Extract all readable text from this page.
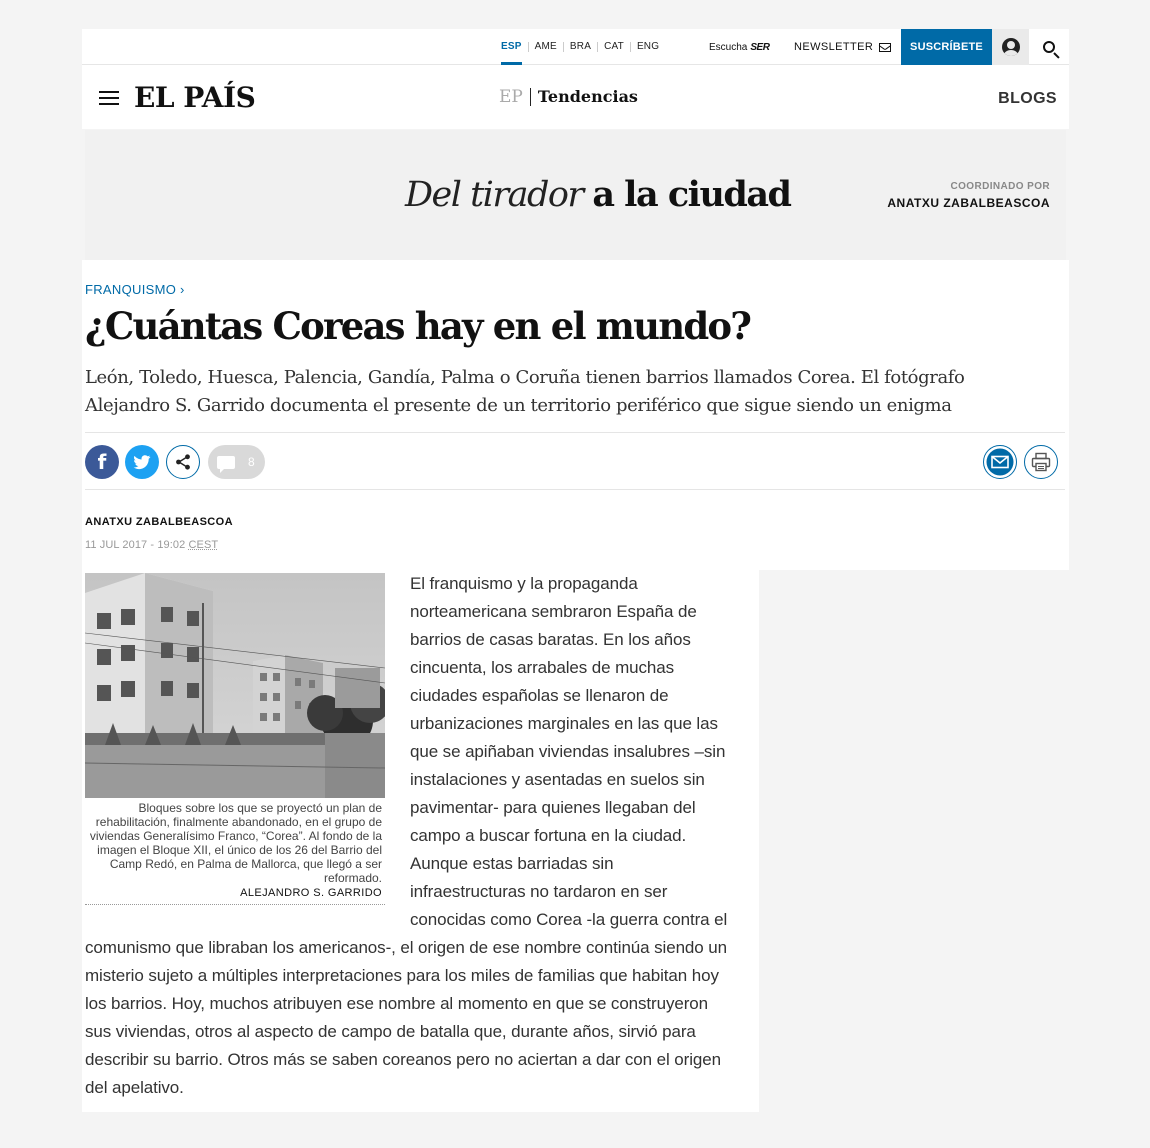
ESP	AME	BRA	CAT	ENG	Escucha SER NEWSLETTER	SUSCRÍBETE
EL PAÍS	EP Tendencias	BLOGS
Del tirador a la ciudad	COORDINADO POR
ANATXU ZABALBEASCOA
FRANQUISMO ›
¿Cuántas Coreas hay en el mundo?

León, Toledo, Huesca, Palencia, Gandía, Palma o Coruña tienen barrios llamados Corea. El fotógrafo Alejandro S. Garrido documenta el presente de un territorio periférico que sigue siendo un enigma

f	8
ANATXU ZABALBEASCOA
11 JUL 2017 - 19:02 CEST
El franquismo y la propaganda norteamericana sembraron España de barrios de casas baratas. En los años cincuenta, los arrabales de muchas ciudades españolas se llenaron de urbanizaciones marginales en las que las que se apiñaban viviendas insalubres –sin instalaciones y asentadas en suelos sin pavimentar- para quienes llegaban del campo a buscar fortuna en la ciudad. Aunque estas barriadas sin infraestructuras no tardaron en ser conocidas como Corea -la guerra contra el comunismo que libraban los americanos-, el origen de ese nombre continúa siendo un misterio sujeto a múltiples interpretaciones para los miles de familias que habitan hoy los barrios. Hoy, muchos atribuyen ese nombre al momento en que se construyeron sus viviendas, otros al aspecto de campo de batalla que, durante años, sirvió para describir su barrio. Otros más se saben coreanos pero no aciertan a dar con el origen del apelativo.
Bloques sobre los que se proyectó un plan de rehabilitación, finalmente abandonado, en el grupo de viviendas Generalísimo Franco, “Corea”. Al fondo de la imagen el Bloque XII, el único de los 26 del Barrio del Camp Redó, en Palma de Mallorca, que llegó a ser reformado.
ALEJANDRO S. GARRIDO
